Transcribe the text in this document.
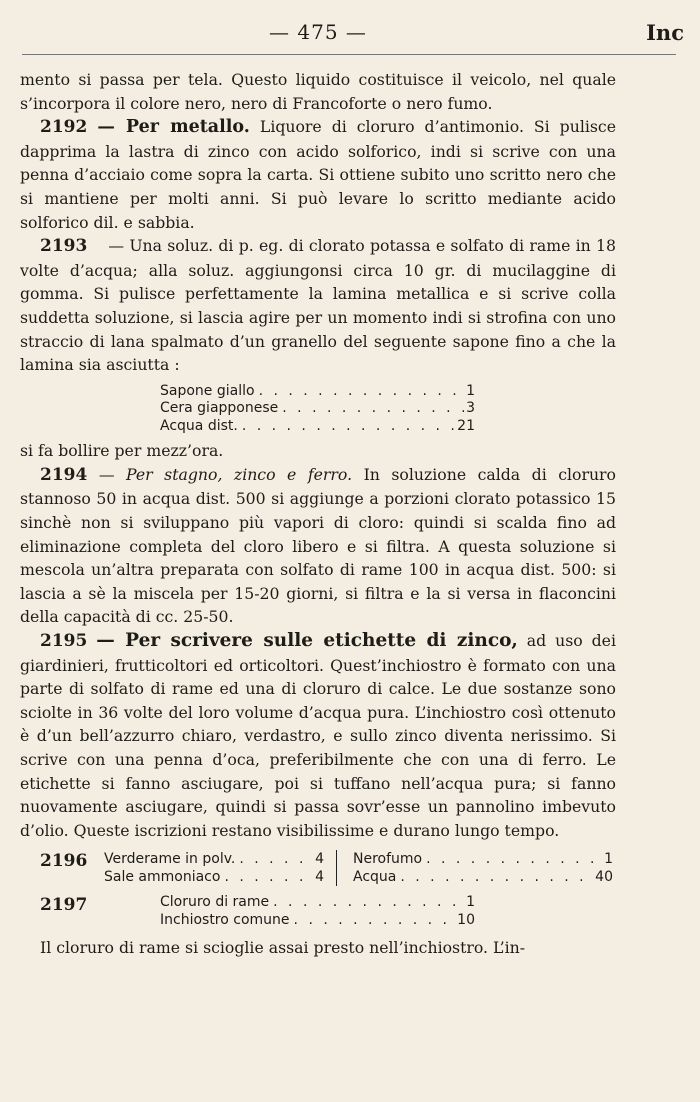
— 475 —	Inc

mento si passa per tela. Questo liquido costituisce il veicolo, nel quale s’incorpora il colore nero, nero di Francoforte o nero fumo.

2192 — Per metallo. Liquore di cloruro d’antimonio. Si pulisce dapprima la lastra di zinco con acido solforico, indi si scrive con una penna d’acciaio come sopra la carta. Si ottiene subito uno scritto nero che si mantiene per molti anni. Si può levare lo scritto mediante acido solforico dil. e sabbia.

2193 — Una soluz. di p. eg. di clorato potassa e solfato di rame in 18 volte d’acqua; alla soluz. aggiungonsi circa 10 gr. di mucilaggine di gomma. Si pulisce perfettamente la lamina metallica e si scrive colla suddetta soluzione, si lascia agire per un momento indi si strofina con uno straccio di lana spalmato d’un granello del seguente sapone fino a che la lamina sia asciutta :

Sapone giallo . . .	1
Cera giapponese . . .	3
Acqua dist. . . .	21

si fa bollire per mezz’ora.

2194 — Per stagno, zinco e ferro. In soluzione calda di cloruro stannoso 50 in acqua dist. 500 si aggiunge a porzioni clorato potassico 15 sinchè non si sviluppano più vapori di cloro: quindi si scalda fino ad eliminazione completa del cloro libero e si filtra. A questa soluzione si mescola un’altra preparata con solfato di rame 100 in acqua dist. 500: si lascia a sè la miscela per 15-20 giorni, si filtra e la si versa in flaconcini della capacità di cc. 25-50.

2195 — Per scrivere sulle etichette di zinco, ad uso dei giardinieri, frutticoltori ed orticoltori. Quest’inchiostro è formato con una parte di solfato di rame ed una di cloruro di calce. Le due sostanze sono sciolte in 36 volte del loro volume d’acqua pura. L’inchiostro così ottenuto è d’un bell’azzurro chiaro, verdastro, e sullo zinco diventa nerissimo. Si scrive con una penna d’oca, preferibilmente che con una di ferro. Le etichette si fanno asciugare, poi si tuffano nell’acqua pura; si fanno nuovamente asciugare, quindi si passa sovr’esse un pannolino imbevuto d’olio. Queste iscrizioni restano visibilissime e durano lungo tempo.

2196 Verderame in polv. . . .	4
Sale ammoniaco . . .	4
Nerofumo . . .	1
Acqua . . .	40
2197	Cloruro di rame . . .	1
Inchiostro comune . . .	10

Il cloruro di rame si scioglie assai presto nell’inchiostro. L’in-
